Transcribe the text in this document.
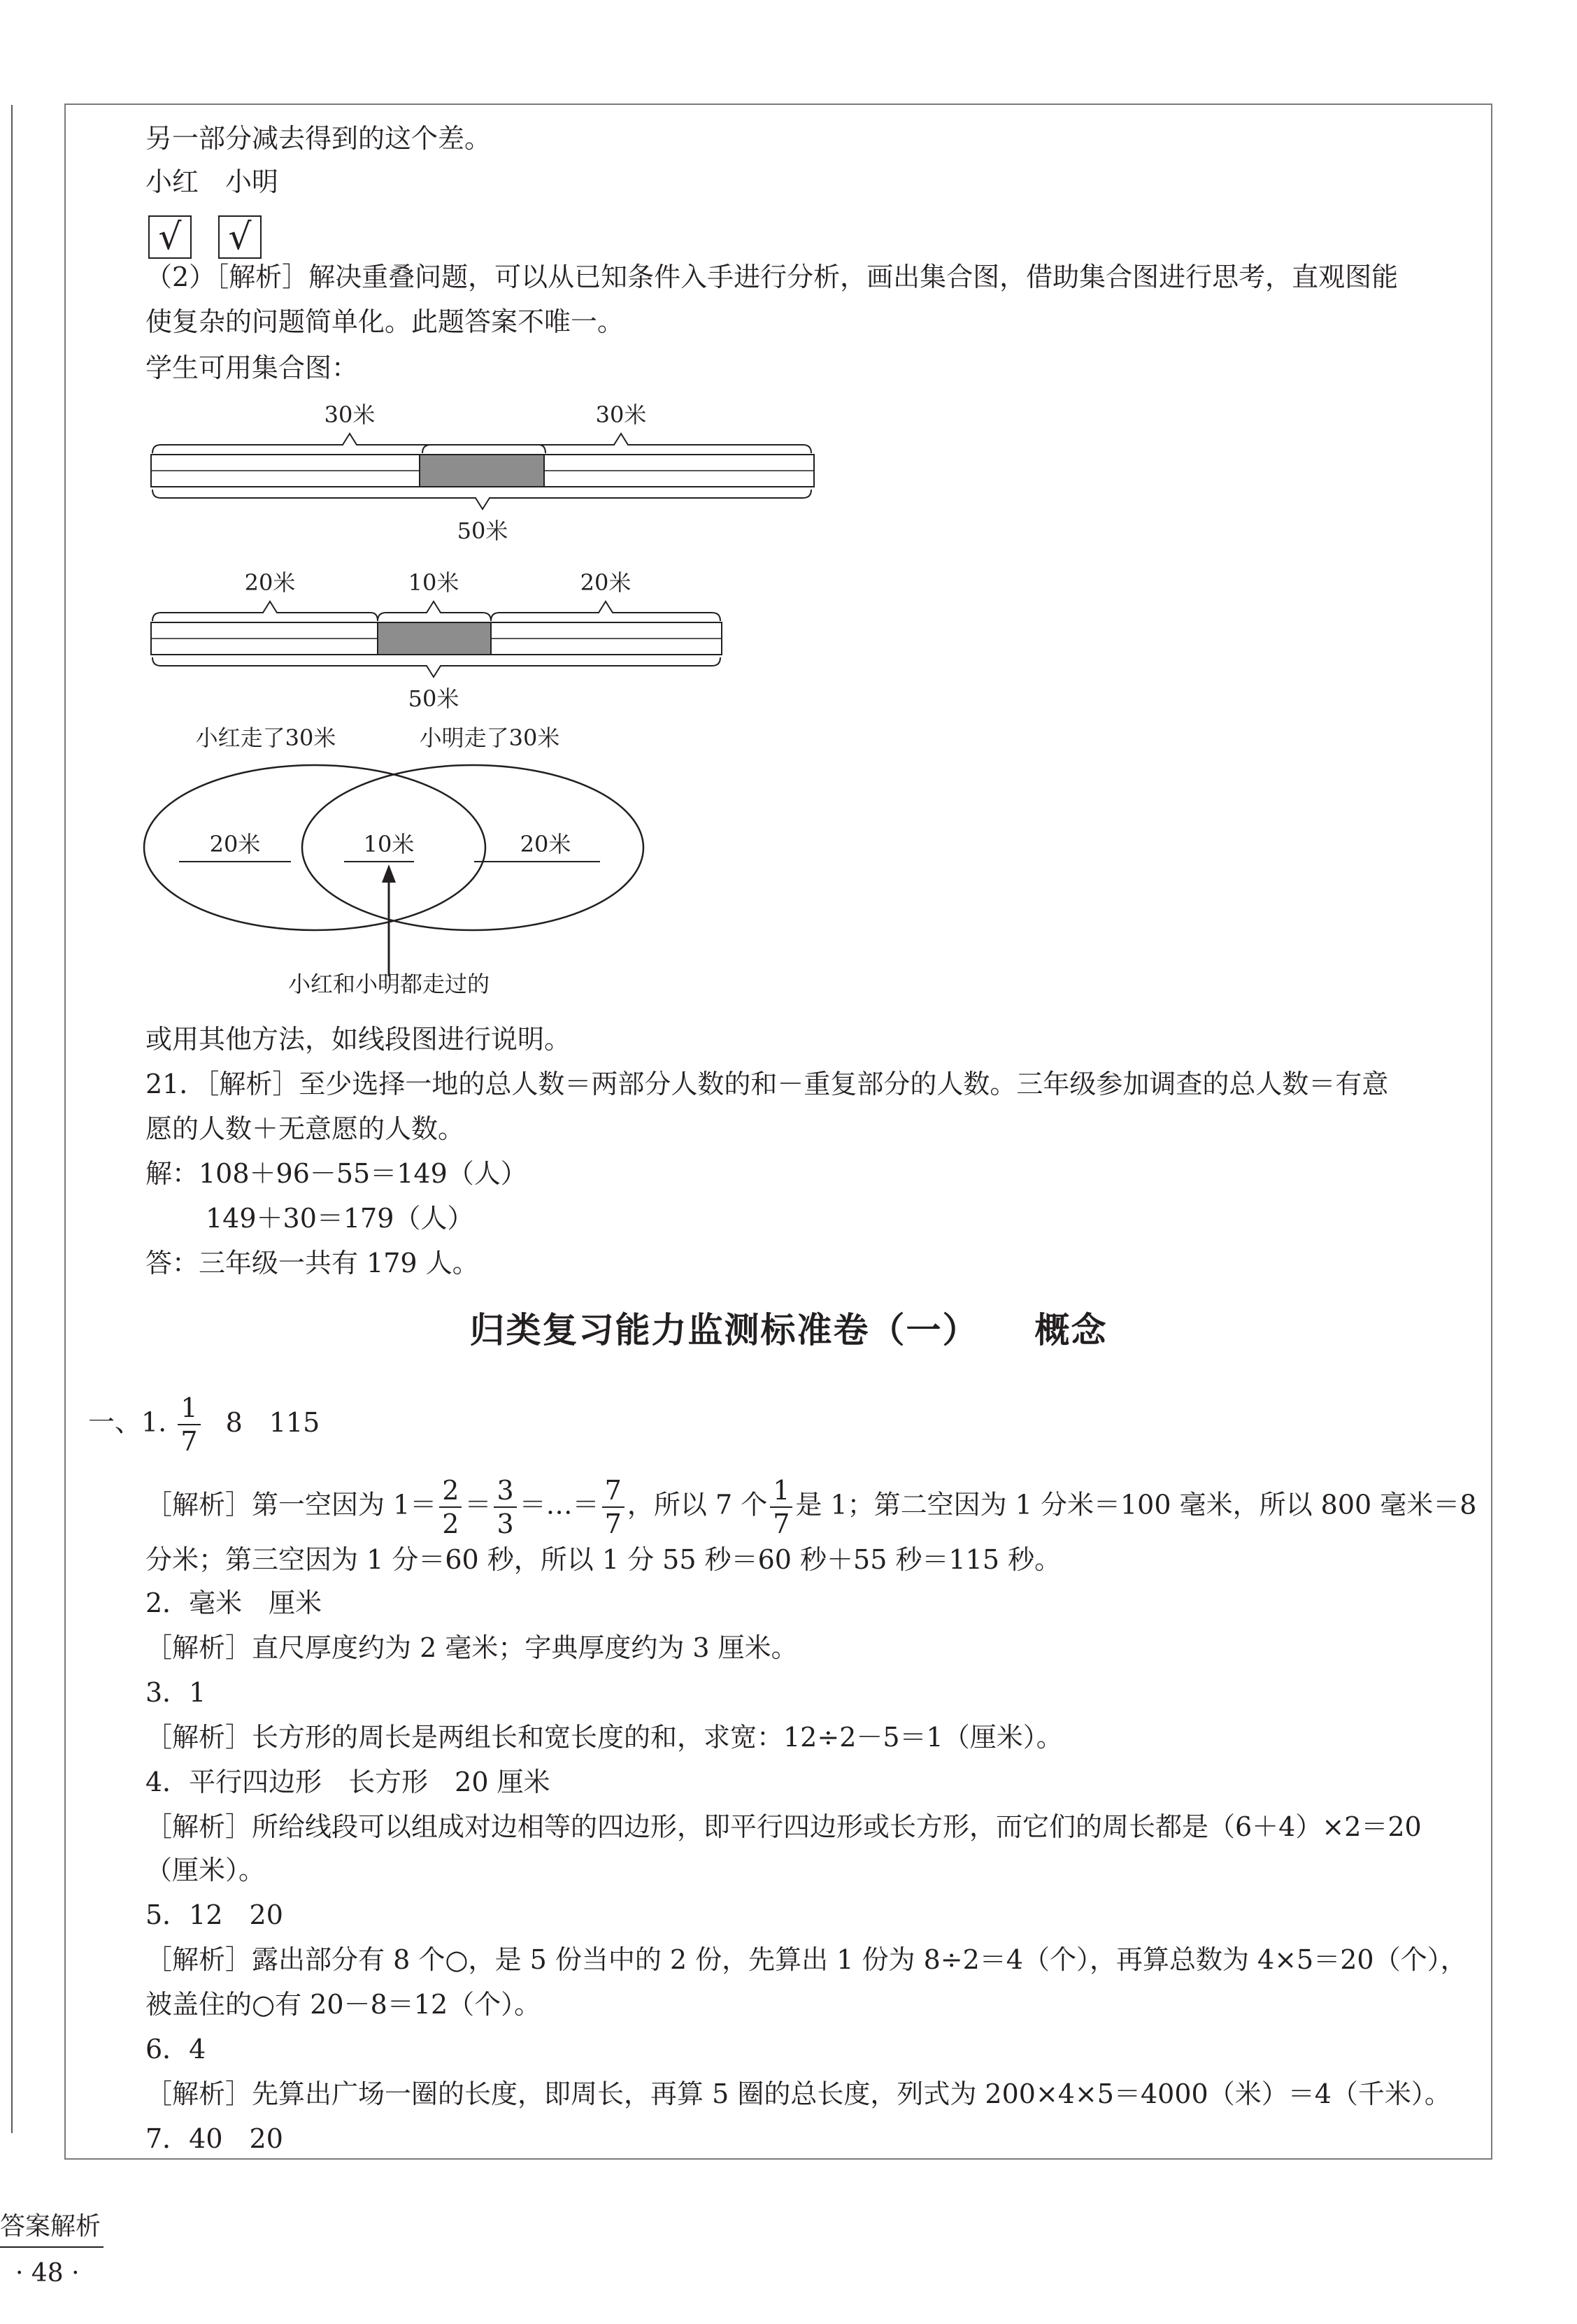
另一部分减去得到的这个差。
小红　小明
√ √
（2）［解析］解决重叠问题，可以从已知条件入手进行分析，画出集合图，借助集合图进行思考，直观图能
使复杂的问题简单化。此题答案不唯一。
学生可用集合图：
30米	30米
50米
20米	10米	20米
50米
小红走了30米	小明走了30米
20米	10米	20米
小红和小明都走过的
或用其他方法，如线段图进行说明。
21．［解析］至少选择一地的总人数＝两部分人数的和－重复部分的人数。三年级参加调查的总人数＝有意
愿的人数＋无意愿的人数。
解：108＋96－55＝149（人）
149＋30＝179（人）
答：三年级一共有 179 人。
归类复习能力监测标准卷（一） 概念
一、1. $\frac{1}{7} 8$　115
［解析］第一空因为 $1= \frac{2}{2} = \frac{3}{3}$ ＝…＝ $\frac{7}{7}$ ，所以 7 个 $\frac{1}{7}$ 是 1；第二空因为 1 分米＝100 毫米，所以 800 毫米＝8
分米；第三空因为 1 分＝60 秒，所以 1 分 55 秒＝60 秒＋55 秒＝115 秒。
2．毫米　厘米
［解析］直尺厚度约为 2 毫米；字典厚度约为 3 厘米。
3．1
［解析］长方形的周长是两组长和宽长度的和，求宽：12÷2－5＝1（厘米）。
4．平行四边形　长方形　20 厘米
［解析］所给线段可以组成对边相等的四边形，即平行四边形或长方形，而它们的周长都是（6＋4）×2＝20
（厘米）。
5．12　20
［解析］露出部分有 8 个○，是 5 份当中的 2 份，先算出 1 份为 8÷2＝4（个），再算总数为 4×5＝20（个），
被盖住的○有 20－8＝12（个）。
6．4
［解析］先算出广场一圈的长度，即周长，再算 5 圈的总长度，列式为 200×4×5＝4000（米）＝4（千米）。
7．40　20
答案解析
· 48 ·
